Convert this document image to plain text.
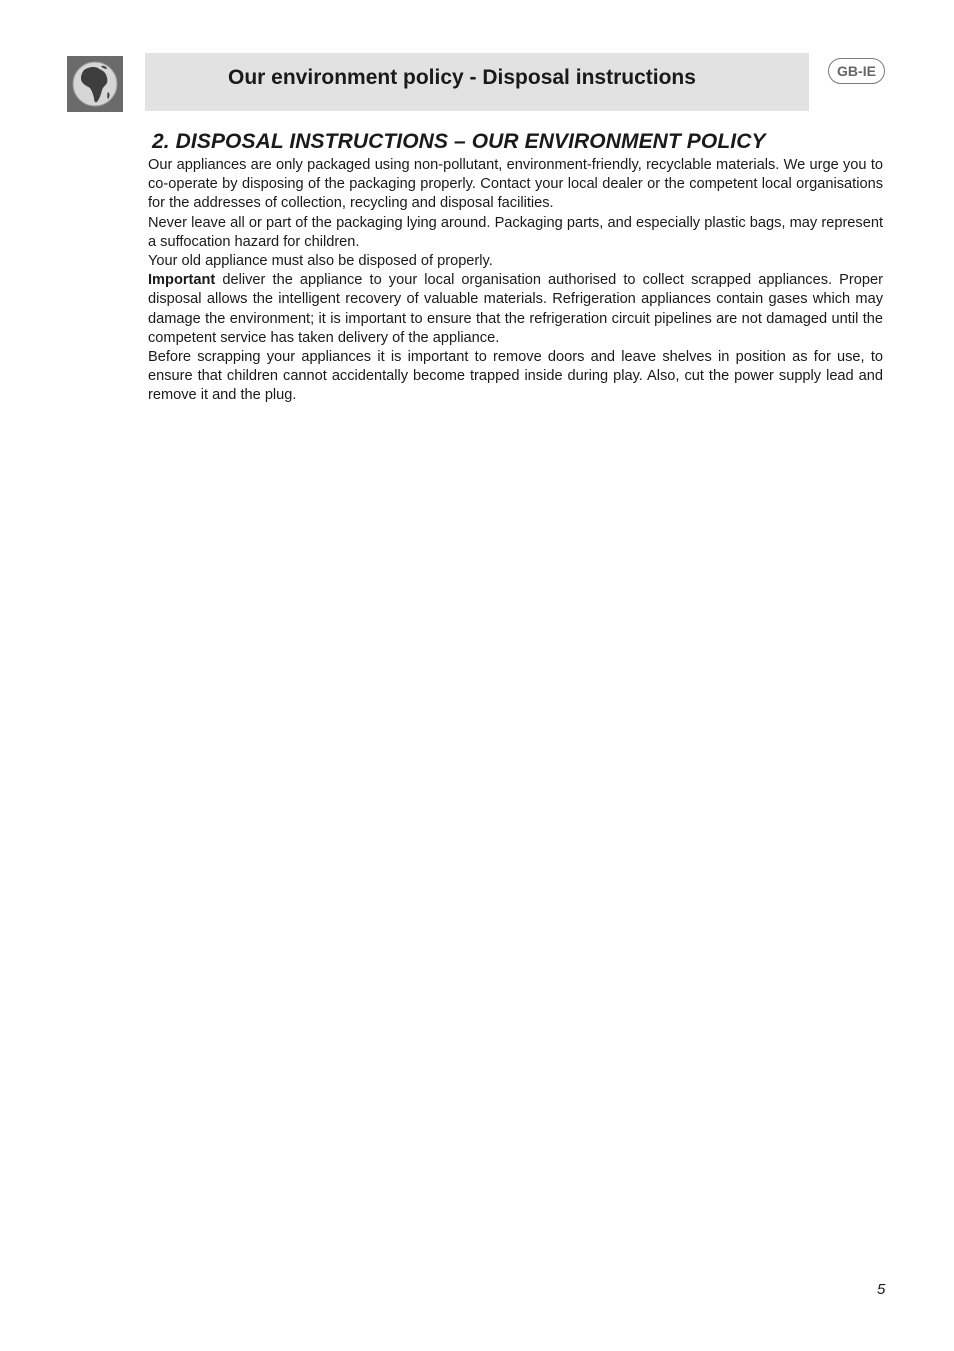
Our environment policy - Disposal instructions	GB-IE
2. DISPOSAL INSTRUCTIONS – OUR ENVIRONMENT POLICY

Our appliances are only packaged using non-pollutant, environment-friendly, recyclable materials. We urge you to co-operate by disposing of the packaging properly. Contact your local dealer or the competent local organisations for the addresses of collection, recycling and disposal facilities.

Never leave all or part of the packaging lying around. Packaging parts, and especially plastic bags, may represent a suffocation hazard for children.

Your old appliance must also be disposed of properly.

Important deliver the appliance to your local organisation authorised to collect scrapped appliances. Proper disposal allows the intelligent recovery of valuable materials. Refrigeration appliances contain gases which may damage the environment; it is important to ensure that the refrigeration circuit pipelines are not damaged until the competent service has taken delivery of the appliance.

Before scrapping your appliances it is important to remove doors and leave shelves in position as for use, to ensure that children cannot accidentally become trapped inside during play. Also, cut the power supply lead and remove it and the plug.

5
